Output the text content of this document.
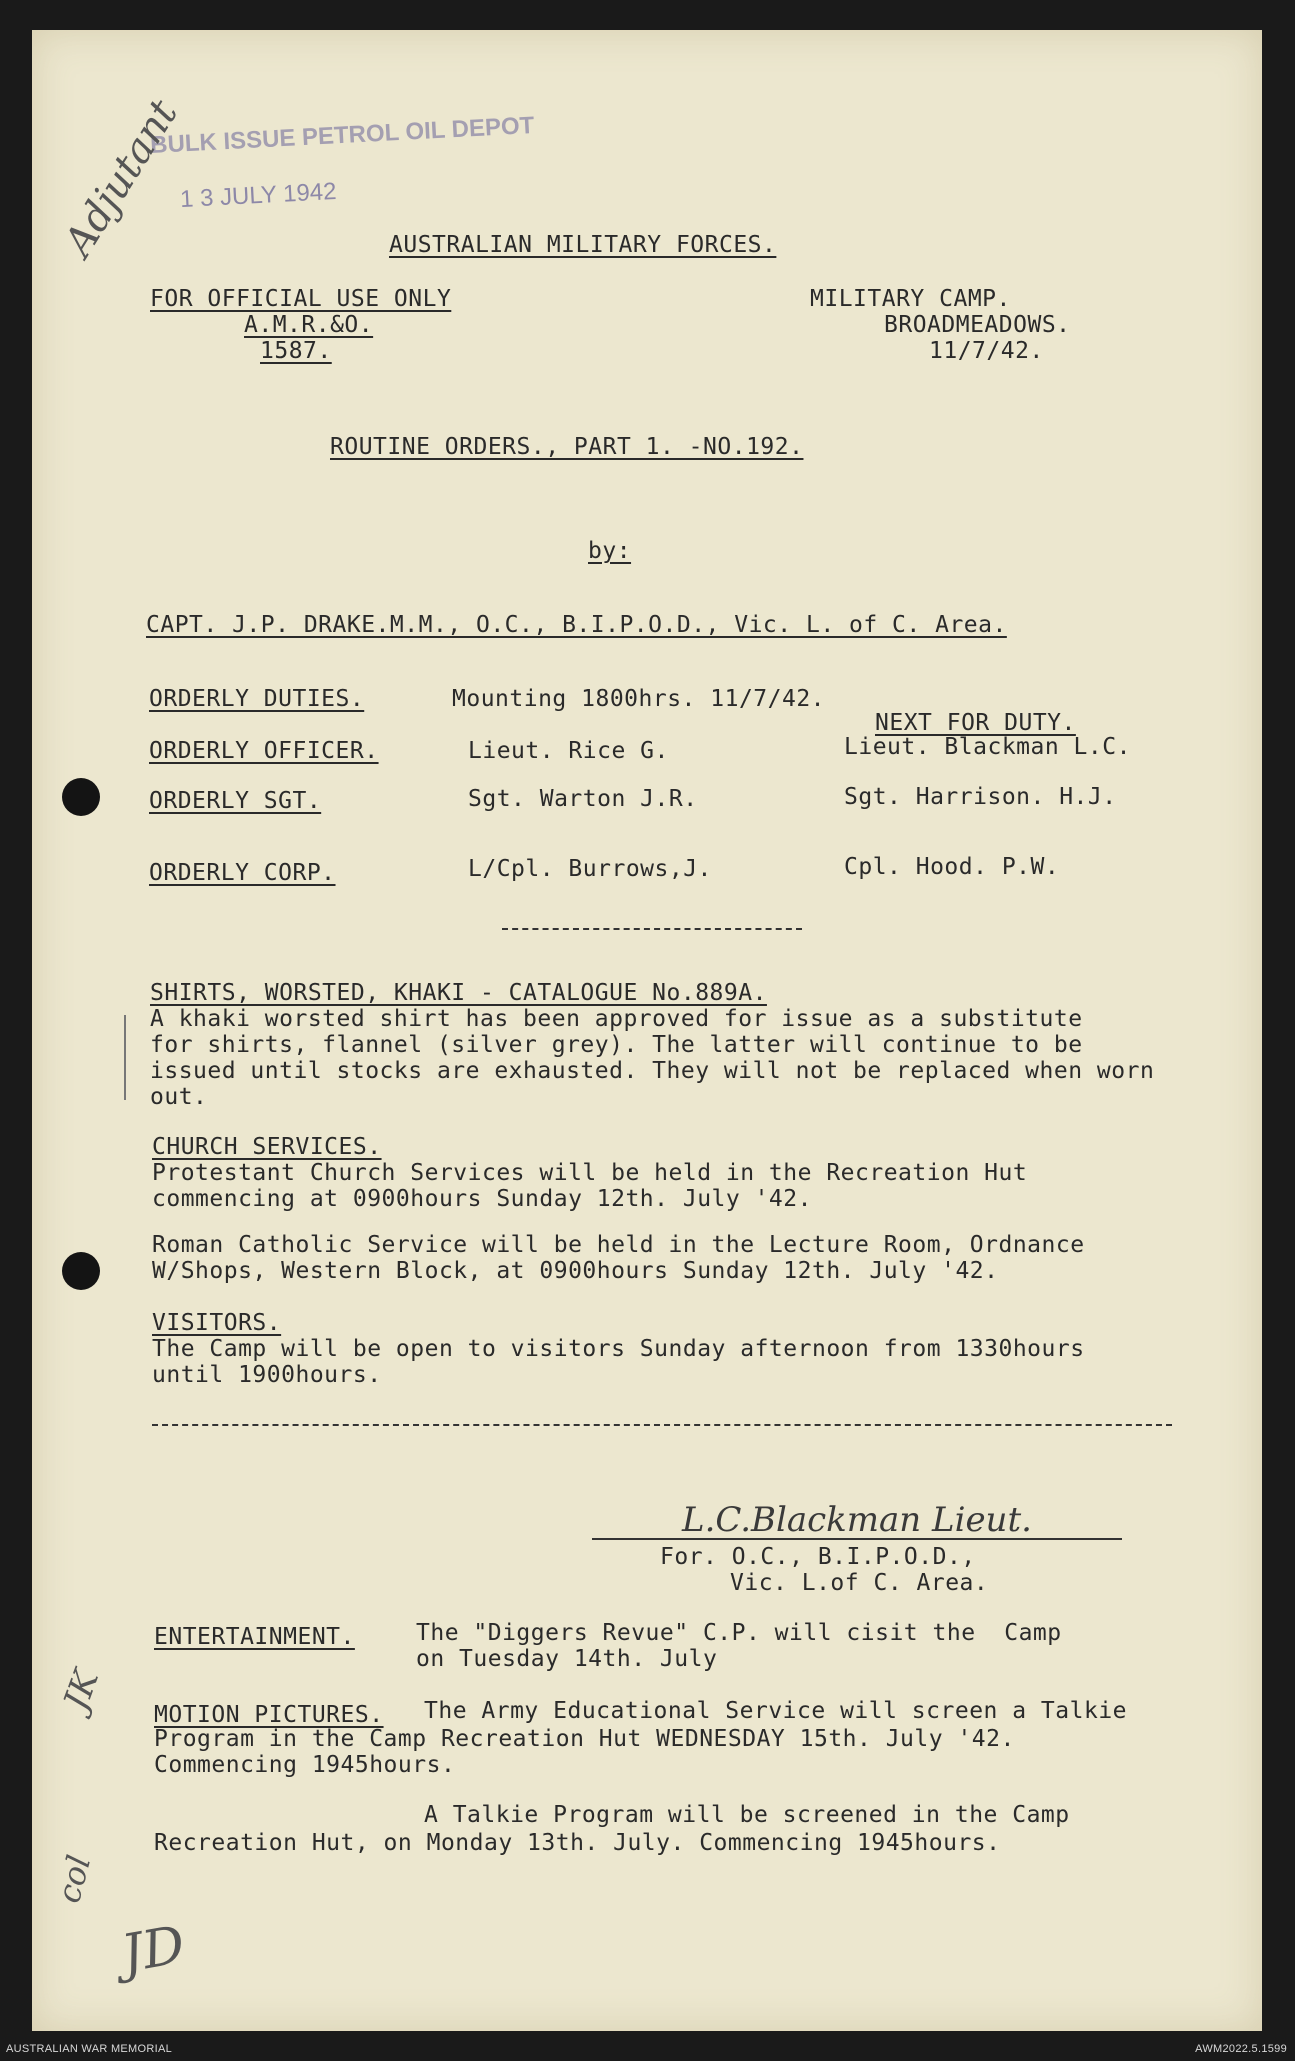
BULK ISSUE PETROL OIL DEPOT
1 3 JULY 1942
Adjutant
JK
col
JD
AUSTRALIAN MILITARY FORCES.
FOR OFFICIAL USE ONLY
A.M.R.&O.
1587.
MILITARY CAMP.
BROADMEADOWS.
11/7/42.
ROUTINE ORDERS., PART 1. -NO.192.
by:
CAPT. J.P. DRAKE.M.M., O.C., B.I.P.O.D., Vic. L. of C. Area.
ORDERLY DUTIES.	Mounting 1800hrs. 11/7/42.
NEXT FOR DUTY.
ORDERLY OFFICER.	Lieut. Rice G.	Lieut. Blackman L.C.
ORDERLY SGT.	Sgt. Warton J.R.	Sgt. Harrison. H.J.
ORDERLY CORP.	L/Cpl. Burrows,J.	Cpl. Hood. P.W.
SHIRTS, WORSTED, KHAKI - CATALOGUE No.889A.
A khaki worsted shirt has been approved for issue as a substitute
for shirts, flannel (silver grey). The latter will continue to be
issued until stocks are exhausted. They will not be replaced when worn
out.
CHURCH SERVICES.
Protestant Church Services will be held in the Recreation Hut
commencing at 0900hours Sunday 12th. July '42.
Roman Catholic Service will be held in the Lecture Room, Ordnance
W/Shops, Western Block, at 0900hours Sunday 12th. July '42.
VISITORS.
The Camp will be open to visitors Sunday afternoon from 1330hours
until 1900hours.
L.C.Blackman Lieut.
For. O.C., B.I.P.O.D.,
Vic. L.of C. Area.
ENTERTAINMENT.	The "Diggers Revue" C.P. will cisit the  Camp
on Tuesday 14th. July
MOTION PICTURES. The Army Educational Service will screen a Talkie
Program in the Camp Recreation Hut WEDNESDAY 15th. July '42.
Commencing 1945hours.
A Talkie Program will be screened in the Camp
Recreation Hut, on Monday 13th. July. Commencing 1945hours.
AUSTRALIAN WAR MEMORIAL	AWM2022.5.1599
